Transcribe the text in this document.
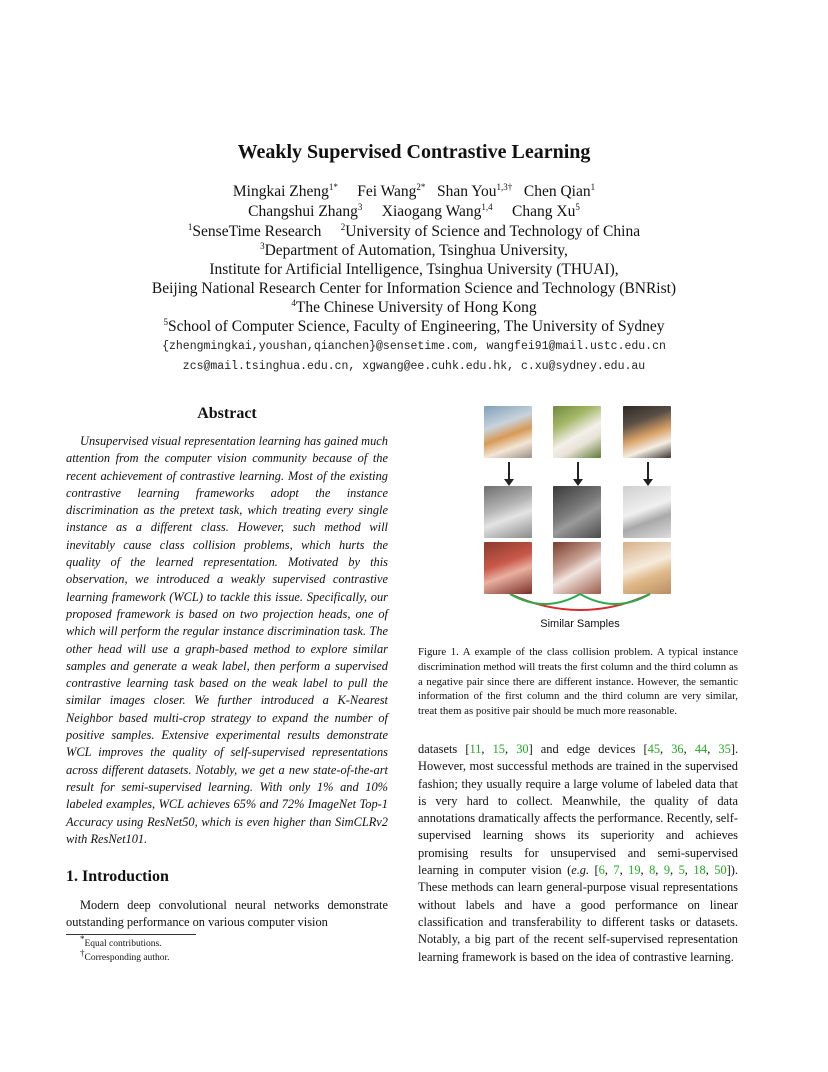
Weakly Supervised Contrastive Learning
Mingkai Zheng$^{1*}$ Fei Wang$^{2*}$ Shan You$^{1,3\dagger}$ Chen Qian$^1$
Changshui Zhang$^3$ Xiaogang Wang$^{1,4}$ Chang Xu$^5$
$^1$SenseTime Research $^2$University of Science and Technology of China
$^3$Department of Automation, Tsinghua University,
Institute for Artificial Intelligence, Tsinghua University (THUAI),
Beijing National Research Center for Information Science and Technology (BNRist)
$^4$The Chinese University of Hong Kong
$^5$School of Computer Science, Faculty of Engineering, The University of Sydney
{zhengmingkai,youshan,qianchen}@sensetime.com, wangfei91@mail.ustc.edu.cn
zcs@mail.tsinghua.edu.cn, xgwang@ee.cuhk.edu.hk, c.xu@sydney.edu.au
Abstract

Unsupervised visual representation learning has gained much attention from the computer vision community because of the recent achievement of contrastive learning. Most of the existing contrastive learning frameworks adopt the instance discrimination as the pretext task, which treating every single instance as a different class. However, such method will inevitably cause class collision problems, which hurts the quality of the learned representation. Motivated by this observation, we introduced a weakly supervised contrastive learning framework (WCL) to tackle this issue. Specifically, our proposed framework is based on two projection heads, one of which will perform the regular instance discrimination task. The other head will use a graph-based method to explore similar samples and generate a weak label, then perform a supervised contrastive learning task based on the weak label to pull the similar images closer. We further introduced a K-Nearest Neighbor based multi-crop strategy to expand the number of positive samples. Extensive experimental results demonstrate WCL improves the quality of self-supervised representations across different datasets. Notably, we get a new state-of-the-art result for semi-supervised learning. With only 1% and 10% labeled examples, WCL achieves 65% and 72% ImageNet Top-1 Accuracy using ResNet50, which is even higher than SimCLRv2 with ResNet101.

1. Introduction

Modern deep convolutional neural networks demonstrate outstanding performance on various computer vision

*Equal contributions.
†Corresponding author.
Similar Samples
Figure 1. A example of the class collision problem. A typical instance discrimination method will treats the first column and the third column as a negative pair since there are different instance. However, the semantic information of the first column and the third column are very similar, treat them as positive pair should be much more reasonable.

datasets [11, 15, 30] and edge devices [45, 36, 44, 35]. However, most successful methods are trained in the supervised fashion; they usually require a large volume of labeled data that is very hard to collect. Meanwhile, the quality of data annotations dramatically affects the performance. Recently, self-supervised learning shows its superiority and achieves promising results for unsupervised and semi-supervised learning in computer vision (e.g. [6, 7, 19, 8, 9, 5, 18, 50]). These methods can learn general-purpose visual representations without labels and have a good performance on linear classification and transferability to different tasks or datasets. Notably, a big part of the recent self-supervised representation learning framework is based on the idea of contrastive learning.
